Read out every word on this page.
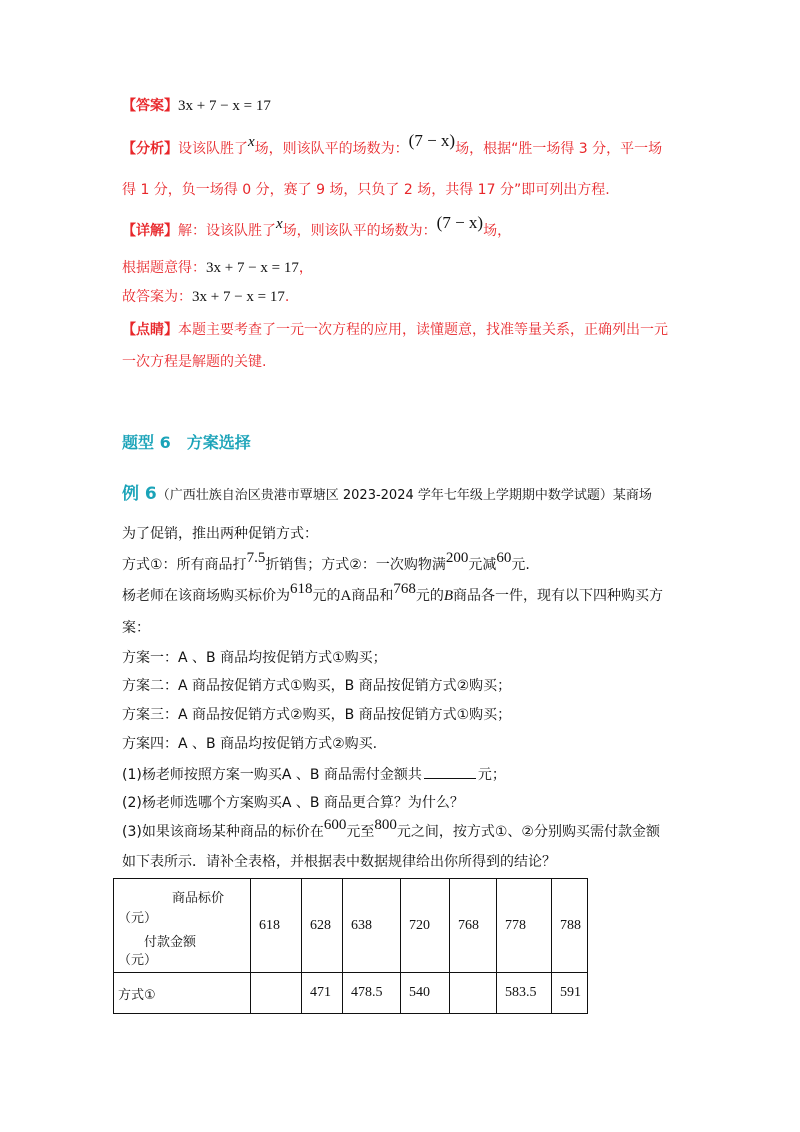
【答案】3x + 7 − x = 17
【分析】设该队胜了x场，则该队平的场数为：(7 − x)场，根据“胜一场得 3 分，平一场
得 1 分，负一场得 0 分，赛了 9 场，只负了 2 场，共得 17 分”即可列出方程.
【详解】解：设该队胜了x场，则该队平的场数为：(7 − x)场，
根据题意得：3x + 7 − x = 17，
故答案为：3x + 7 − x = 17.
【点睛】本题主要考查了一元一次方程的应用，读懂题意，找准等量关系，正确列出一元
一次方程是解题的关键.
题型 6　方案选择
例 6（广西壮族自治区贵港市覃塘区 2023-2024 学年七年级上学期期中数学试题）某商场
为了促销，推出两种促销方式：
方式①：所有商品打7.5折销售；方式②：一次购物满200元减60元.
杨老师在该商场购买标价为618元的A商品和768元的B商品各一件，现有以下四种购买方
案：
方案一：A 、B 商品均按促销方式①购买；
方案二：A 商品按促销方式①购买，B 商品按促销方式②购买；
方案三：A 商品按促销方式②购买，B 商品按促销方式①购买；
方案四：A 、B 商品均按促销方式②购买.
(1)杨老师按照方案一购买A 、B 商品需付金额共	元；
(2)杨老师选哪个方案购买A 、B 商品更合算？为什么？
(3)如果该商场某种商品的标价在600元至800元之间，按方式①、②分别购买需付款金额
如下表所示．请补全表格，并根据表中数据规律给出你所得到的结论？
商品标价
（元）
付款金额
（元）	618	628	638	720	768	778	788
方式①		471	478.5	540		583.5	591
